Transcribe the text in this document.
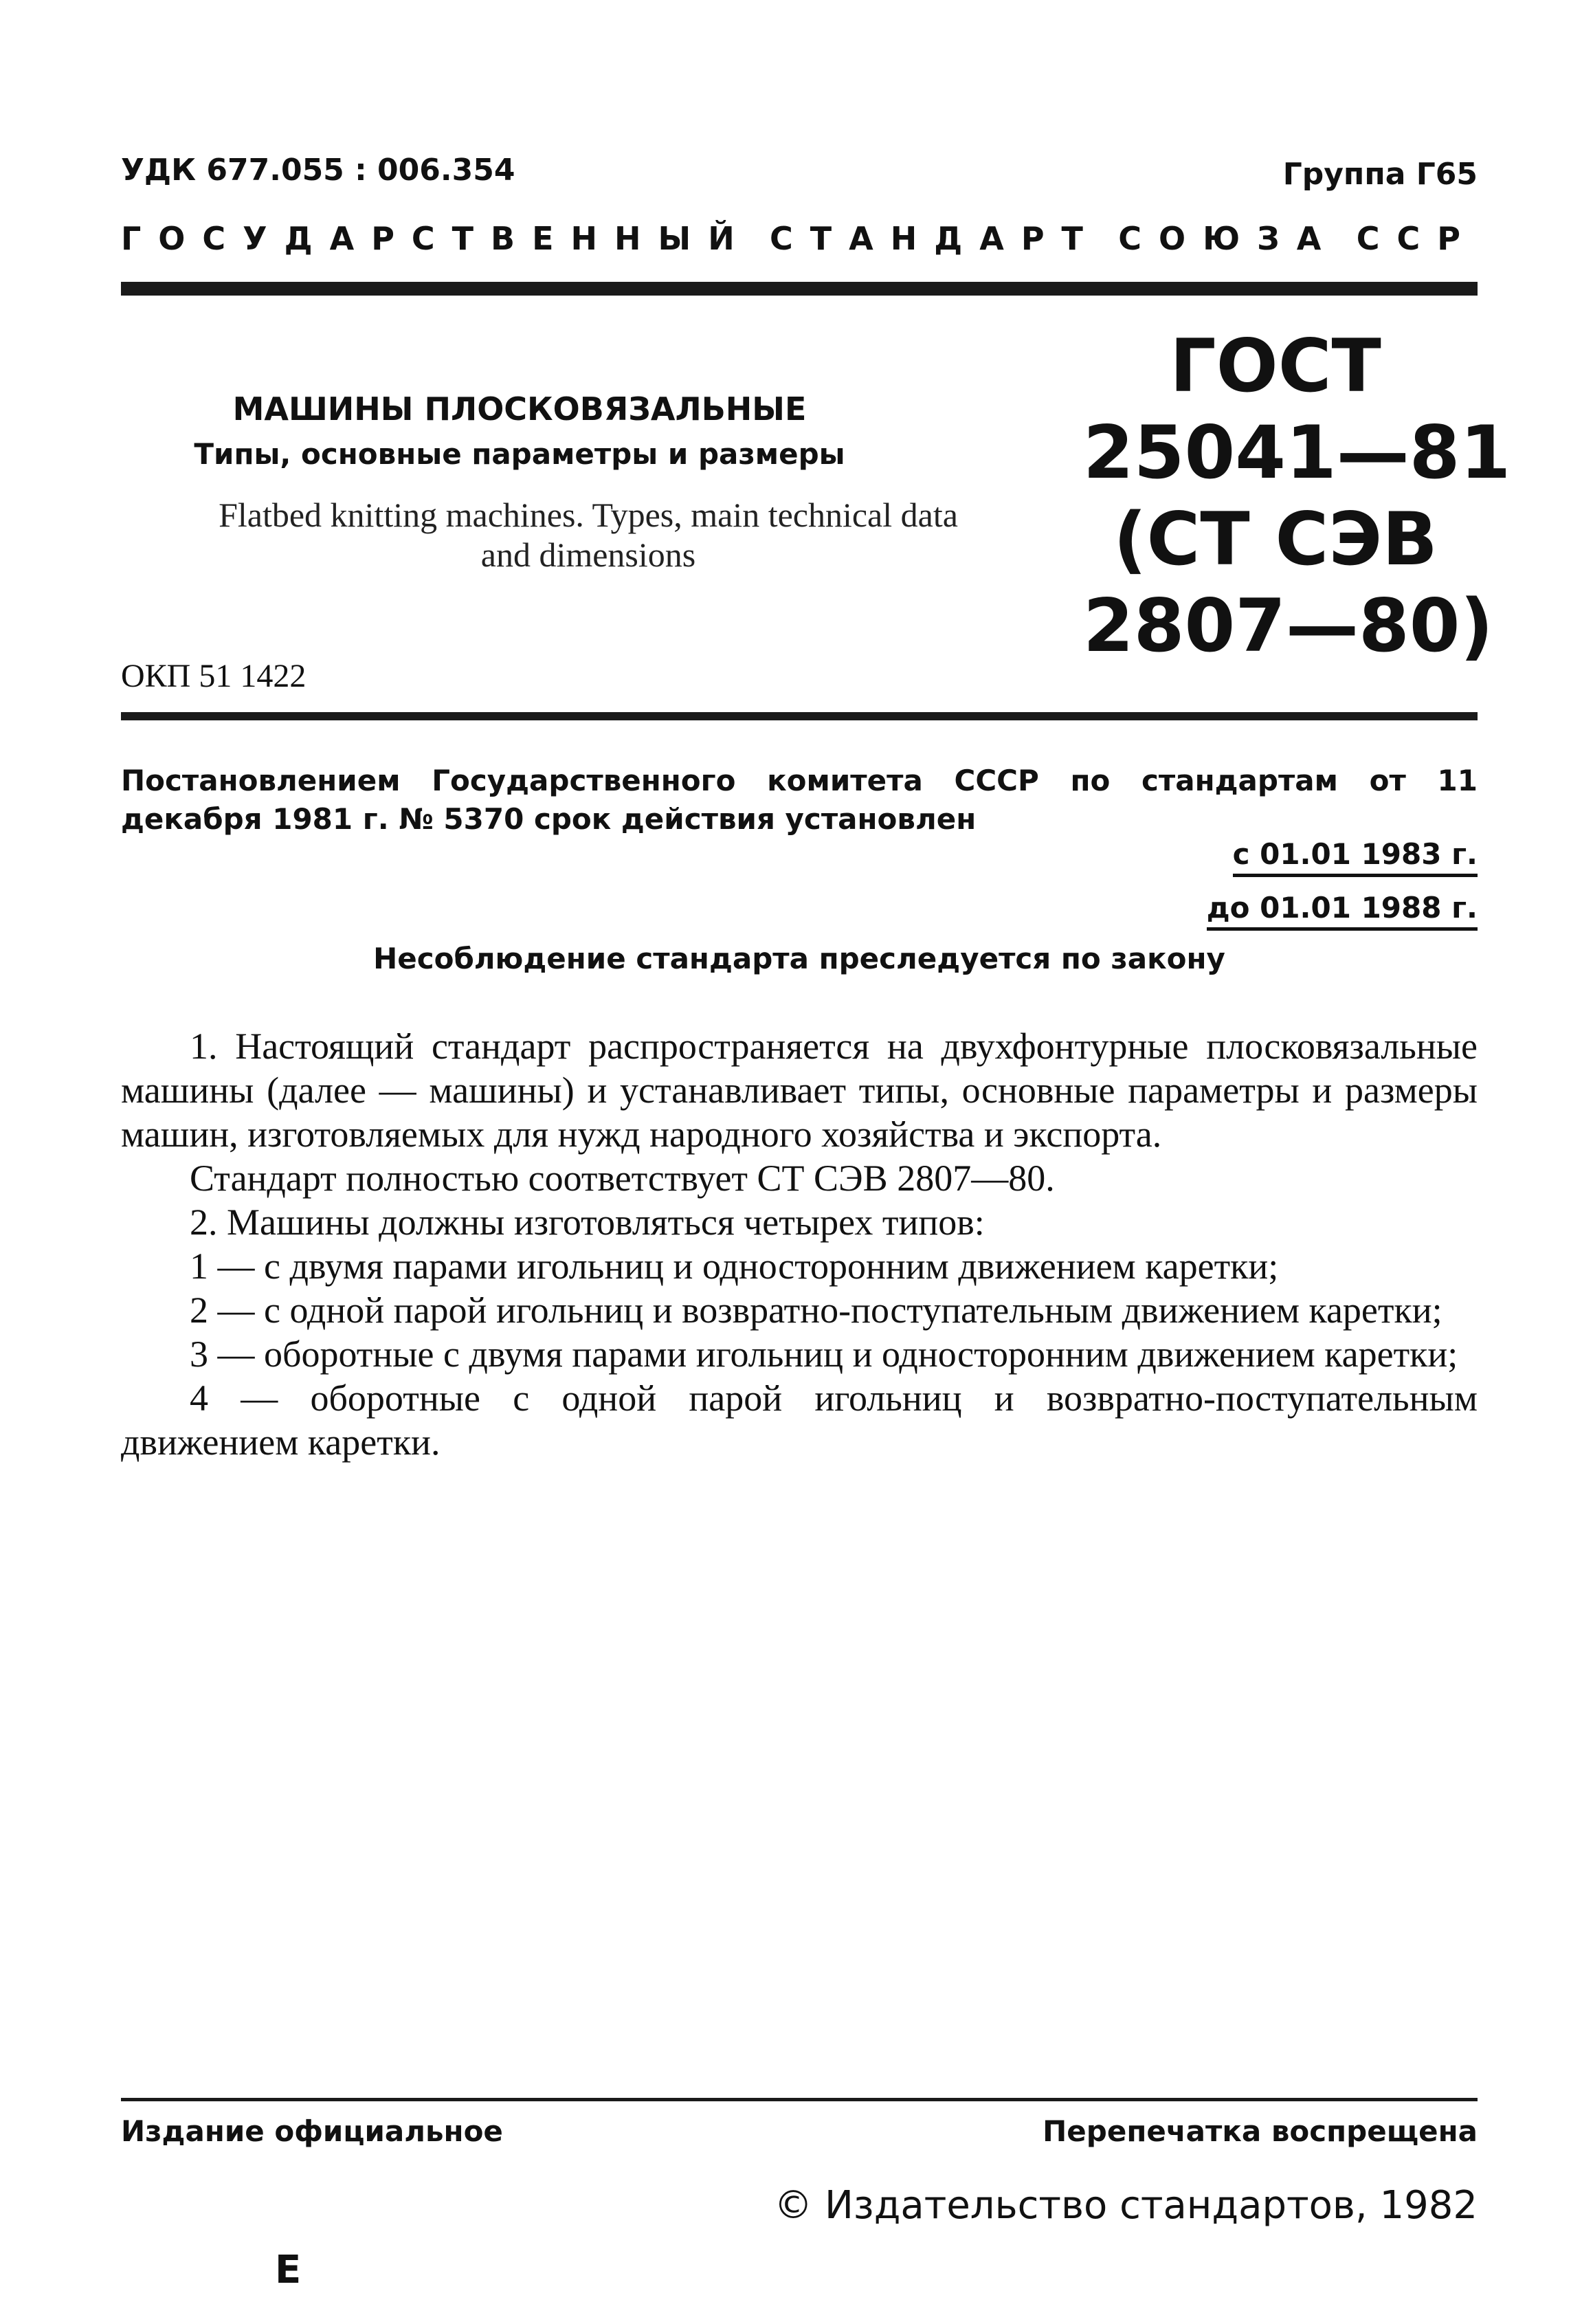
УДК 677.055 : 006.354	Группа Г65
ГОСУДАРСТВЕННЫЙ СТАНДАРТ СОЮЗА ССР
МАШИНЫ ПЛОСКОВЯЗАЛЬНЫЕ
Типы, основные параметры и размеры
Flatbed knitting machines. Types, main technical data
and dimensions
ОКП 51 1422
ГОСТ
25041—81
(СТ СЭВ
2807—80)
Постановлением Государственного комитета СССР по стандартам от 11 декабря 1981 г. № 5370 срок действия установлен
с 01.01 1983 г.
до 01.01 1988 г.
Несоблюдение стандарта преследуется по закону

1. Настоящий стандарт распространяется на двухфонтурные плосковязальные машины (далее — машины) и устанавливает типы, основные параметры и размеры машин, изготовляемых для нужд народного хозяйства и экспорта.

Стандарт полностью соответствует СТ СЭВ 2807—80.

2. Машины должны изготовляться четырех типов:

1 — с двумя парами игольниц и односторонним движением каретки;

2 — с одной парой игольниц и возвратно-поступательным движением каретки;

3 — оборотные с двумя парами игольниц и односторонним движением каретки;

4 — оборотные с одной парой игольниц и возвратно-поступательным движением каретки.

Издание официальное	Перепечатка воспрещена
© Издательство стандартов, 1982
Е
